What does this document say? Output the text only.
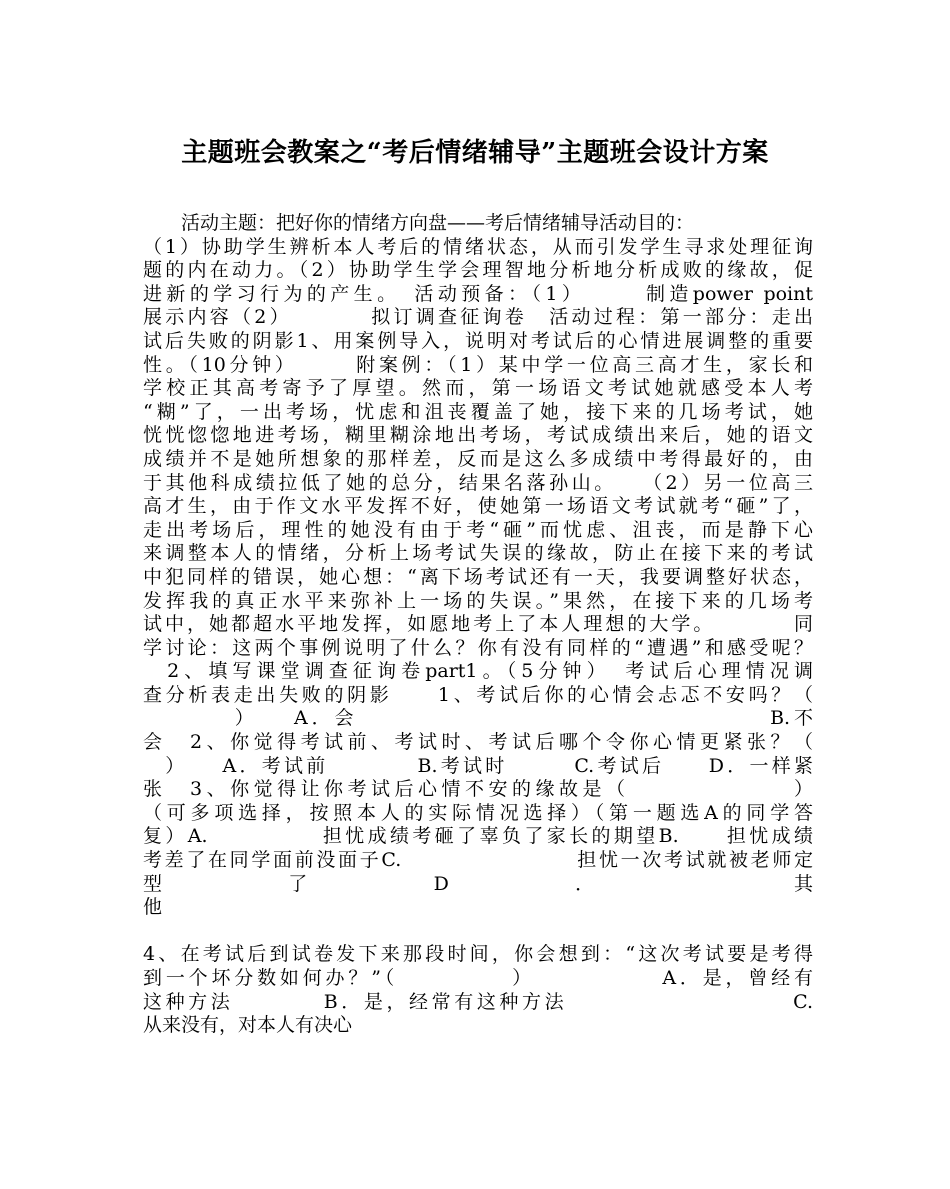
主题班会教案之“考后情绪辅导”主题班会设计方案
活动主题：把好你的情绪方向盘——考后情绪辅导活动目的：
（1）协助学生辨析本人考后的情绪状态，从而引发学生寻求处理征询
题的内在动力。（2）协助学生学会理智地分析地分析成败的缘故，促
进新的学习行为的产生。　活动预备：（1）　　　制造power point
展示内容（2）　　　　拟订调查征询卷　活动过程：第一部分：走出
试后失败的阴影1、用案例导入，说明对考试后的心情进展调整的重要
性。（10分钟）　　　附案例：（1）某中学一位高三高才生，家长和
学校正其高考寄予了厚望。然而，第一场语文考试她就感受本人考
“糊”了，一出考场，忧虑和沮丧覆盖了她，接下来的几场考试，她
恍恍惚惚地进考场，糊里糊涂地出考场，考试成绩出来后，她的语文
成绩并不是她所想象的那样差，反而是这么多成绩中考得最好的，由
于其他科成绩拉低了她的总分，结果名落孙山。　　（2）另一位高三
高才生，由于作文水平发挥不好，使她第一场语文考试就考“砸”了，
走出考场后，理性的她没有由于考“砸”而忧虑、沮丧，而是静下心
来调整本人的情绪，分析上场考试失误的缘故，防止在接下来的考试
中犯同样的错误，她心想：“离下场考试还有一天，我要调整好状态，
发挥我的真正水平来弥补上一场的失误。”果然，在接下来的几场考
试中，她都超水平地发挥，如愿地考上了本人理想的大学。　　　　同
学讨论：这两个事例说明了什么？你有没有同样的“遭遇”和感受呢？
　2、填写课堂调查征询卷part1。（5分钟）　考试后心理情况调
查分析表走出失败的阴影　　1、考试后你的心情会忐忑不安吗？（
　　　　）　　A．会　　　　　　　　　　　　　　　　　　B.不
会　2、你觉得考试前、考试时、考试后哪个令你心情更紧张？（
　）　　A．考试前　　　　B.考试时　　　C.考试后　　D．一样紧
张　3、你觉得让你考试后心情不安的缘故是（　　　　　　　）
（可多项选择，按照本人的实际情况选择）（第一题选A的同学答
复）A.　　　　　担忧成绩考砸了辜负了家长的期望B.　　担忧成绩
考差了在同学面前没面子C.　　　　　　　　担忧一次考试就被老师定
型　　　　　　了　　　　　　D　　　　　　．　　　　　　　　　　其
他
4、在考试后到试卷发下来那段时间，你会想到：“这次考试要是考得
到一个坏分数如何办？”（　　　　　）　　　　　　A．是，曾经有
这种方法　　　　B．是，经常有这种方法　　　　　　　　　　C.
从来没有，对本人有决心
